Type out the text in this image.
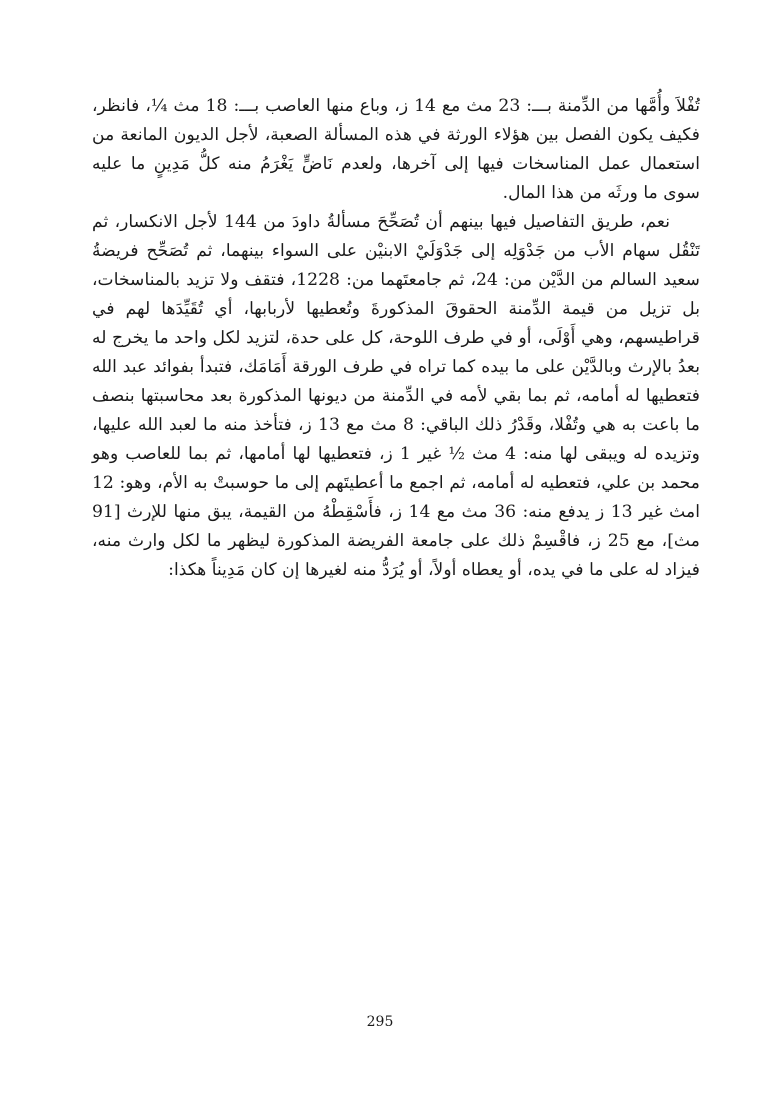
تُفْلاَ وأُمَّها من الدِّمنة بـــ: 23 مث مع 14 ز، وباع منها العاصب بـــ: 18 مث ¼، فانظر، فكيف يكون الفصل بين هؤلاء الورثة في هذه المسألة الصعبة، لأجل الديون المانعة من استعمال عمل المناسخات فيها إلى آخرها، ولعدم نَاضٍّ يَغْرَمُ منه كلُّ مَدِينٍ ما عليه سوى ما ورثَه من هذا المال.

نعم، طريق التفاصيل فيها بينهم أن تُصَحِّحَ مسألةُ داودَ من 144 لأجل الانكسار، ثم تَنْقُل سهام الأب من جَدْوَلِه إلى جَدْوَلَيْ الابنيْن على السواء بينهما، ثم تُصَحِّح فريضةُ سعيد السالم من الدَّيْن من: 24، ثم جامعتَهما من: 1228، فتقف ولا تزيد بالمناسخات، بل تزيل من قيمة الدِّمنة الحقوقَ المذكورةَ وتُعطيها لأربابها، أي تُقَيِّدَها لهم في قراطيسهم، وهي أَوْلَى، أو في طرف اللوحة، كل على حدة، لتزيد لكل واحد ما يخرج له بعدُ بالإرث وبالدَّيْن على ما بيده كما تراه في طرف الورقة أَمَامَك، فتبدأ بفوائد عبد الله فتعطيها له أمامه، ثم بما بقي لأمه في الدِّمنة من ديونها المذكورة بعد محاسبتها بنصف ما باعت به هي وتُفْلا، وقَدْرُ ذلك الباقي: 8 مث مع 13 ز، فتأخذ منه ما لعبد الله عليها، وتزيده له ويبقى لها منه: 4 مث ½ غير 1 ز، فتعطيها لها أمامها، ثم بما للعاصب وهو محمد بن علي، فتعطيه له أمامه، ثم اجمع ما أعطيتَهم إلى ما حوسبتْ به الأم، وهو: 12 امث غير 13 ز يدفع منه: 36 مث مع 14 ز، فأَسْقِطْهُ من القيمة، يبق منها للإرث [91 مث]، مع 25 ز، فاقْسِمْ ذلك على جامعة الفريضة المذكورة ليظهر ما لكل وارث منه، فيزاد له على ما في يده، أو يعطاه أولاً، أو يُرَدُّ منه لغيرها إن كان مَدِيناً هكذا:

295
